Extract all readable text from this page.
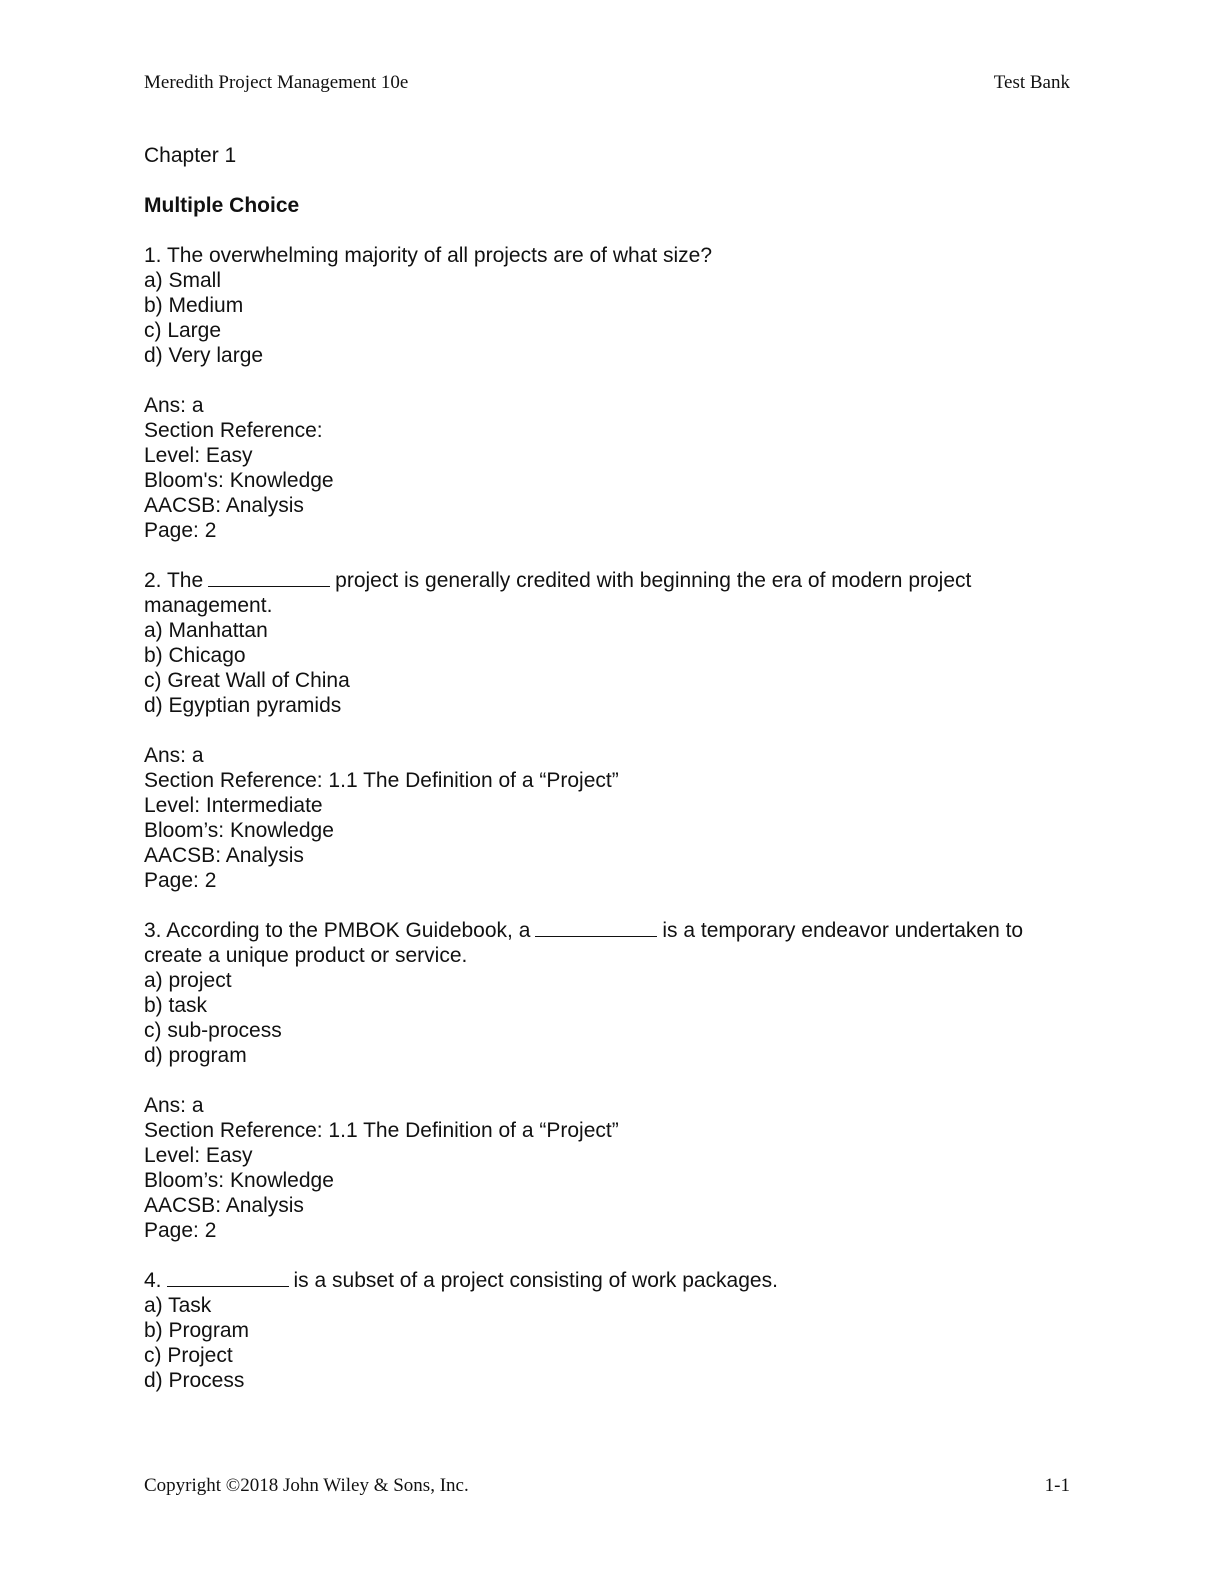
Meredith Project Management 10e	Test Bank
Chapter 1
Multiple Choice
1. The overwhelming majority of all projects are of what size?
a) Small
b) Medium
c) Large
d) Very large
Ans: a
Section Reference:
Level: Easy
Bloom's: Knowledge
AACSB: Analysis
Page: 2
2. The	project is generally credited with beginning the era of modern project management.
a) Manhattan
b) Chicago
c) Great Wall of China
d) Egyptian pyramids
Ans: a
Section Reference: 1.1 The Definition of a “Project”
Level: Intermediate
Bloom’s: Knowledge
AACSB: Analysis
Page: 2
3. According to the PMBOK Guidebook, a	is a temporary endeavor undertaken to create a unique product or service.
a) project
b) task
c) sub-process
d) program
Ans: a
Section Reference: 1.1 The Definition of a “Project”
Level: Easy
Bloom’s: Knowledge
AACSB: Analysis
Page: 2
4.	is a subset of a project consisting of work packages.
a) Task
b) Program
c) Project
d) Process
Copyright ©2018 John Wiley & Sons, Inc.	1-1
